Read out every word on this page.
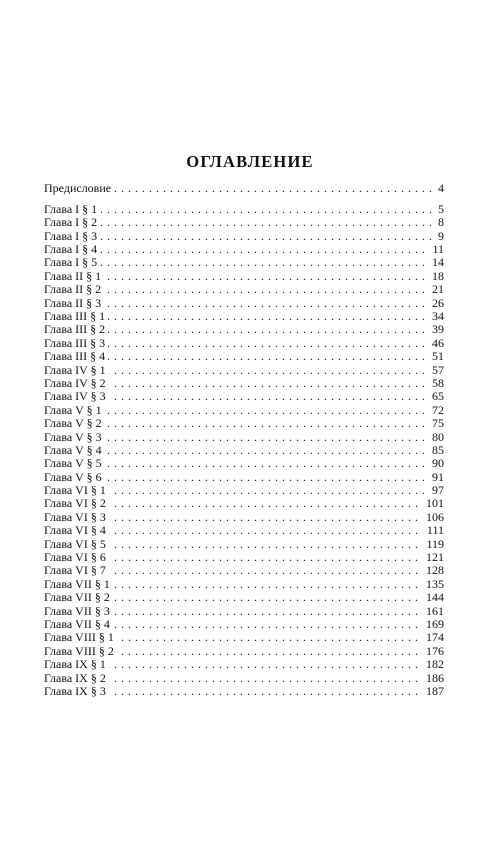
ОГЛАВЛЕНИЕ
. . .
Предисловие	4
. . .
Глава I § 1	5
. . .
Глава I § 2	8
. . .
Глава I § 3	9
. . .
Глава I § 4	11
. . .
Глава I § 5	14
. . .
Глава II § 1	18
. . .
Глава II § 2	21
. . .
Глава II § 3	26
. . .
Глава III § 1	34
. . .
Глава III § 2	39
. . .
Глава III § 3	46
. . .
Глава III § 4	51
. . .
Глава IV § 1	57
. . .
Глава IV § 2	58
. . .
Глава IV § 3	65
. . .
Глава V § 1	72
. . .
Глава V § 2	75
. . .
Глава V § 3	80
. . .
Глава V § 4	85
. . .
Глава V § 5	90
. . .
Глава V § 6	91
. . .
Глава VI § 1	97
. . .
Глава VI § 2	101
. . .
Глава VI § 3	106
. . .
Глава VI § 4	111
. . .
Глава VI § 5	119
. . .
Глава VI § 6	121
. . .
Глава VI § 7	128
. . .
Глава VII § 1	135
. . .
Глава VII § 2	144
. . .
Глава VII § 3	161
. . .
Глава VII § 4	169
. . .
Глава VIII § 1	174
. . .
Глава VIII § 2	176
. . .
Глава IX § 1	182
. . .
Глава IX § 2	186
. . .
Глава IX § 3	187
